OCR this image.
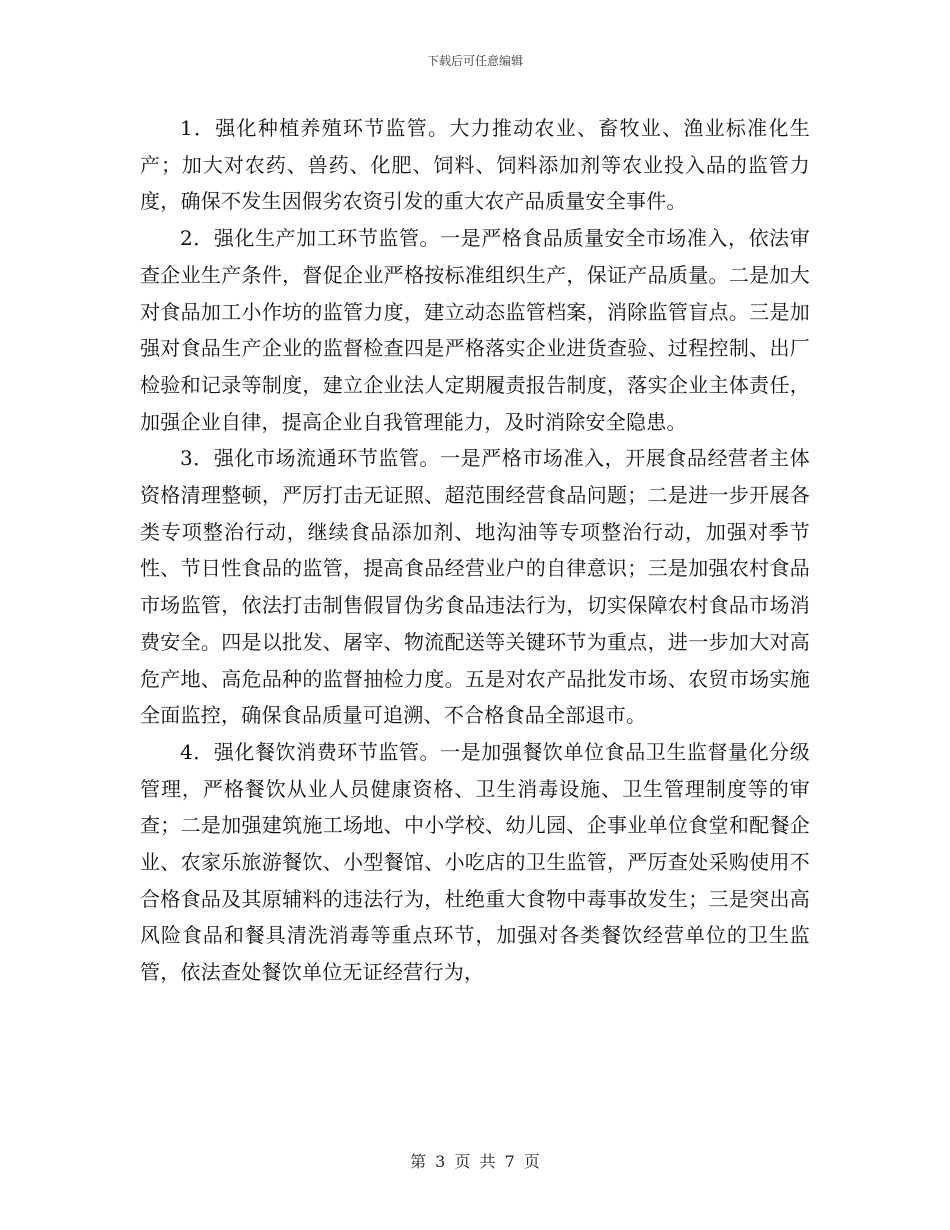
下载后可任意编辑

1．强化种植养殖环节监管。大力推动农业、畜牧业、渔业标准化生产；加大对农药、兽药、化肥、饲料、饲料添加剂等农业投入品的监管力度，确保不发生因假劣农资引发的重大农产品质量安全事件。

2．强化生产加工环节监管。一是严格食品质量安全市场准入，依法审查企业生产条件，督促企业严格按标准组织生产，保证产品质量。二是加大对食品加工小作坊的监管力度，建立动态监管档案，消除监管盲点。三是加强对食品生产企业的监督检查四是严格落实企业进货查验、过程控制、出厂检验和记录等制度，建立企业法人定期履责报告制度，落实企业主体责任，加强企业自律，提高企业自我管理能力，及时消除安全隐患。

3．强化市场流通环节监管。一是严格市场准入，开展食品经营者主体资格清理整顿，严厉打击无证照、超范围经营食品问题；二是进一步开展各类专项整治行动，继续食品添加剂、地沟油等专项整治行动，加强对季节性、节日性食品的监管，提高食品经营业户的自律意识；三是加强农村食品市场监管，依法打击制售假冒伪劣食品违法行为，切实保障农村食品市场消费安全。四是以批发、屠宰、物流配送等关键环节为重点，进一步加大对高危产地、高危品种的监督抽检力度。五是对农产品批发市场、农贸市场实施全面监控，确保食品质量可追溯、不合格食品全部退市。

4．强化餐饮消费环节监管。一是加强餐饮单位食品卫生监督量化分级管理，严格餐饮从业人员健康资格、卫生消毒设施、卫生管理制度等的审查；二是加强建筑施工场地、中小学校、幼儿园、企事业单位食堂和配餐企业、农家乐旅游餐饮、小型餐馆、小吃店的卫生监管，严厉查处采购使用不合格食品及其原辅料的违法行为，杜绝重大食物中毒事故发生；三是突出高风险食品和餐具清洗消毒等重点环节，加强对各类餐饮经营单位的卫生监管，依法查处餐饮单位无证经营行为，

第 3 页 共 7 页
